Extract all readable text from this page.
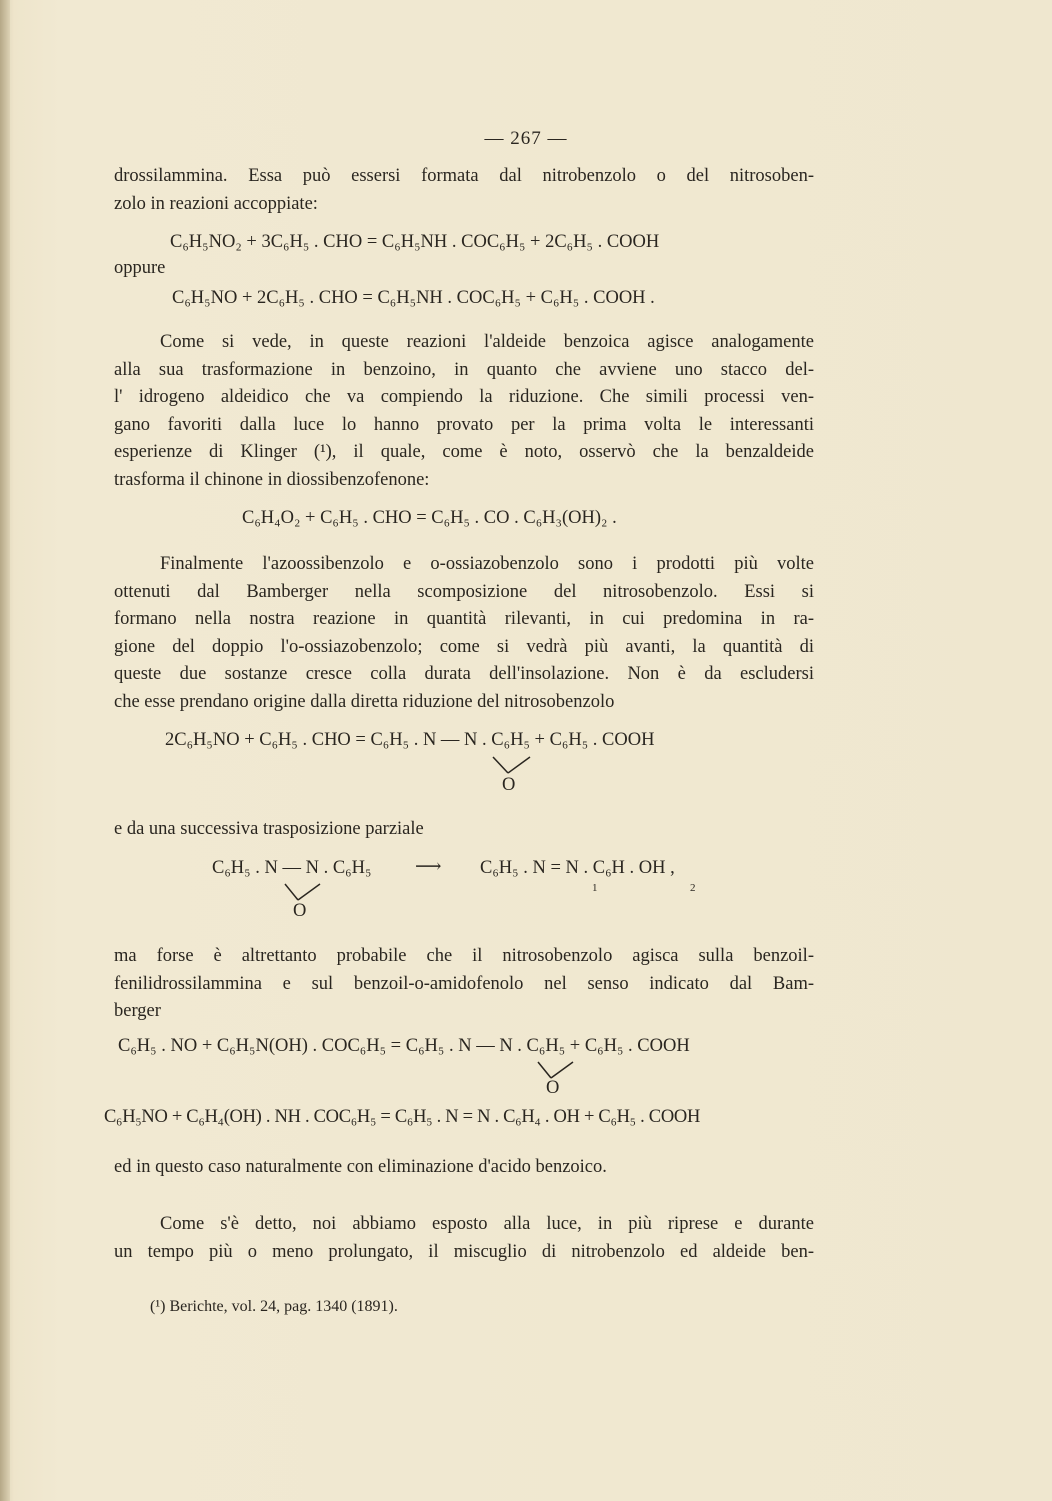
— 267 —
drossilammina. Essa può essersi formata dal nitrobenzolo o del nitrosoben-
zolo in reazioni accoppiate:
C₆H₅NO₂ + 3C₆H₅ . CHO = C₆H₅NH . COC₆H₅ + 2C₆H₅ . COOH
oppure
C₆H₅NO + 2C₆H₅ . CHO = C₆H₅NH . COC₆H₅ + C₆H₅ . COOH .
Come si vede, in queste reazioni l'aldeide benzoica agisce analogamente
alla sua trasformazione in benzoino, in quanto che avviene uno stacco del-
l' idrogeno aldeidico che va compiendo la riduzione. Che simili processi ven-
gano favoriti dalla luce lo hanno provato per la prima volta le interessanti
esperienze di Klinger (¹), il quale, come è noto, osservò che la benzaldeide
trasforma il chinone in diossibenzofenone:
C₆H₄O₂ + C₆H₅ . CHO = C₆H₅ . CO . C₆H₃(OH)₂ .
Finalmente l'azoossibenzolo e o-ossiazobenzolo sono i prodotti più volte
ottenuti dal Bamberger nella scomposizione del nitrosobenzolo. Essi si
formano nella nostra reazione in quantità rilevanti, in cui predomina in ra-
gione del doppio l'o-ossiazobenzolo; come si vedrà più avanti, la quantità di
queste due sostanze cresce colla durata dell'insolazione. Non è da escludersi
che esse prendano origine dalla diretta riduzione del nitrosobenzolo
2C₆H₅NO + C₆H₅ . CHO = C₆H₅ . N — N . C₆H₅ + C₆H₅ . COOH
O
e da una successiva trasposizione parziale
C₆H₅ . N — N . C₆H₅ ⟶ C₆H₅ . N = N . C₆H . OH ,
O
1	2
ma forse è altrettanto probabile che il nitrosobenzolo agisca sulla benzoil-
fenilidrossilammina e sul benzoil-o-amidofenolo nel senso indicato dal Bam-
berger
C₆H₅ . NO + C₆H₅N(OH) . COC₆H₅ = C₆H₅ . N — N . C₆H₅ + C₆H₅ . COOH
O
C₆H₅NO + C₆H₄(OH) . NH . COC₆H₅ = C₆H₅ . N = N . C₆H₄ . OH + C₆H₅ . COOH
ed in questo caso naturalmente con eliminazione d'acido benzoico.
Come s'è detto, noi abbiamo esposto alla luce, in più riprese e durante
un tempo più o meno prolungato, il miscuglio di nitrobenzolo ed aldeide ben-
(¹) Berichte, vol. 24, pag. 1340 (1891).
